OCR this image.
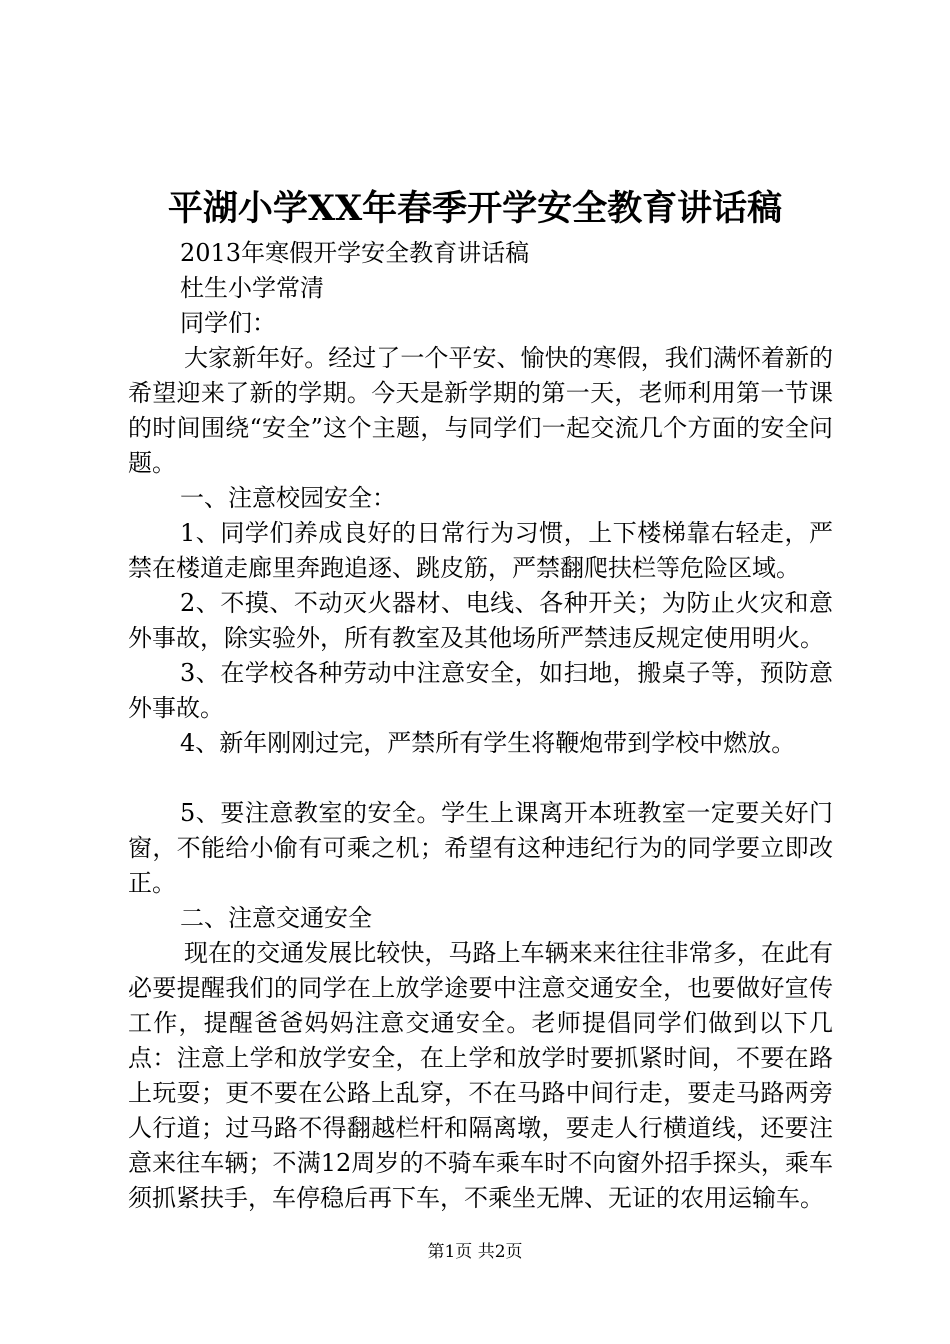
平湖小学XX年春季开学安全教育讲话稿

2013年寒假开学安全教育讲话稿

杜生小学常清

同学们：

大家新年好。经过了一个平安、愉快的寒假，我们满怀着新的希望迎来了新的学期。今天是新学期的第一天，老师利用第一节课的时间围绕“安全”这个主题，与同学们一起交流几个方面的安全问题。

一、注意校园安全：

1、同学们养成良好的日常行为习惯，上下楼梯靠右轻走，严禁在楼道走廊里奔跑追逐、跳皮筋，严禁翻爬扶栏等危险区域。

2、不摸、不动灭火器材、电线、各种开关；为防止火灾和意外事故，除实验外，所有教室及其他场所严禁违反规定使用明火。

3、在学校各种劳动中注意安全，如扫地，搬桌子等，预防意外事故。

4、新年刚刚过完，严禁所有学生将鞭炮带到学校中燃放。

5、要注意教室的安全。学生上课离开本班教室一定要关好门窗，不能给小偷有可乘之机；希望有这种违纪行为的同学要立即改正。

二、注意交通安全

现在的交通发展比较快，马路上车辆来来往往非常多，在此有必要提醒我们的同学在上放学途要中注意交通安全，也要做好宣传工作，提醒爸爸妈妈注意交通安全。老师提倡同学们做到以下几点：注意上学和放学安全，在上学和放学时要抓紧时间，不要在路上玩耍；更不要在公路上乱穿，不在马路中间行走，要走马路两旁人行道；过马路不得翻越栏杆和隔离墩，要走人行横道线，还要注意来往车辆；不满12周岁的不骑车乘车时不向窗外招手探头，乘车须抓紧扶手，车停稳后再下车，不乘坐无牌、无证的农用运输车。

第1页 共2页
